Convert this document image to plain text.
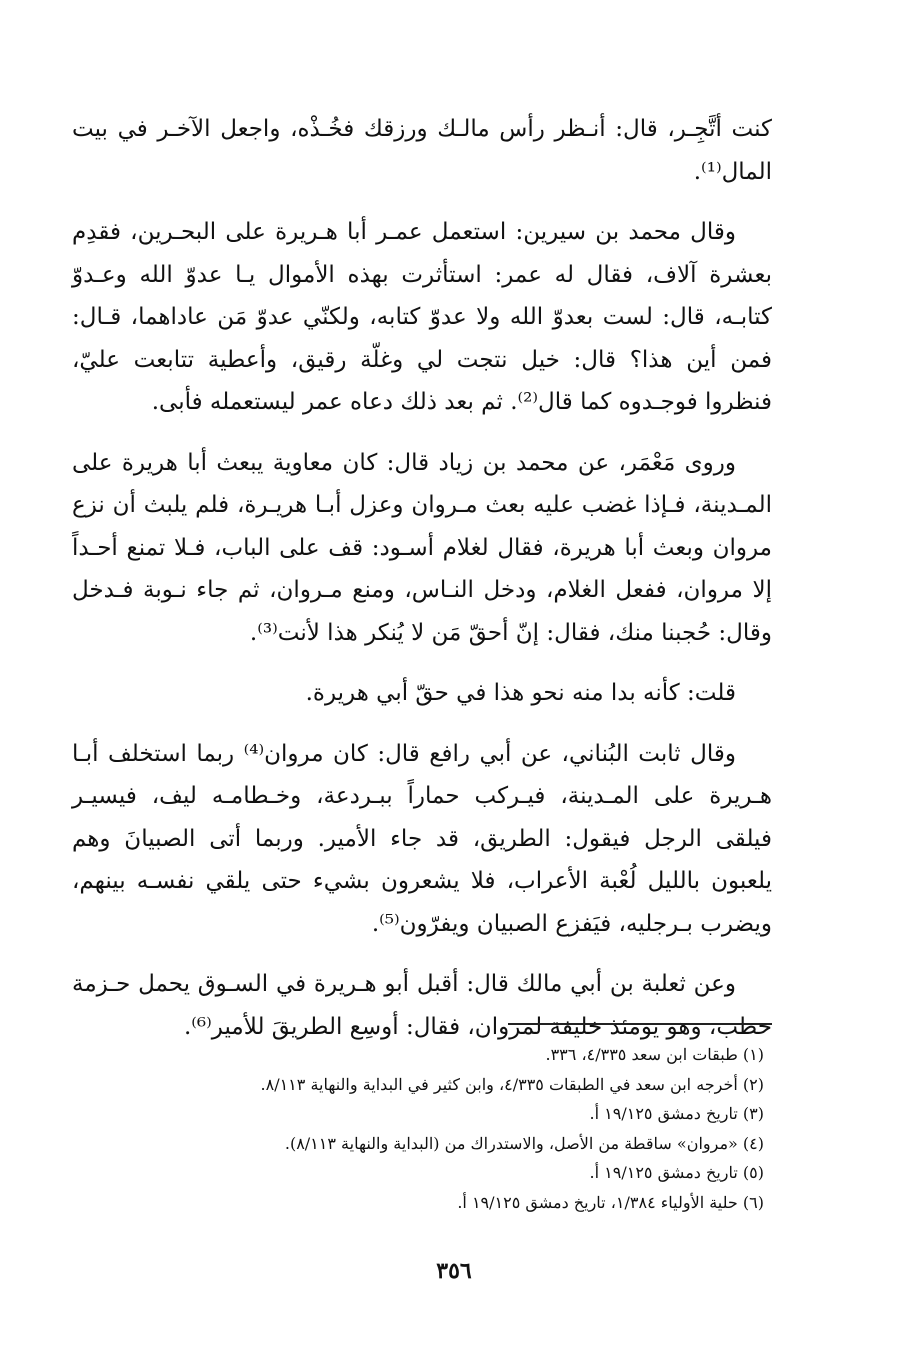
كنت أتَّجِـر، قال: أنـظر رأس مالـك ورزقك فخُـذْه، واجعل الآخـر في بيت المال⁽¹⁾.

وقال محمد بن سيرين: استعمل عمـر أبا هـريرة على البحـرين، فقدِم بعشرة آلاف، فقال له عمر: استأثرت بهذه الأموال يـا عدوّ الله وعـدوّ كتابـه، قال: لست بعدوّ الله ولا عدوّ كتابه، ولكنّي عدوّ مَن عاداهما، قـال: فمن أين هذا؟ قال: خيل نتجت لي وغلّة رقيق، وأعطية تتابعت عليّ، فنظروا فوجـدوه كما قال⁽²⁾. ثم بعد ذلك دعاه عمر ليستعمله فأبى.

وروى مَعْمَر، عن محمد بن زياد قال: كان معاوية يبعث أبا هريرة على المـدينة، فـإذا غضب عليه بعث مـروان وعزل أبـا هريـرة، فلم يلبث أن نزع مروان وبعث أبا هريرة، فقال لغلام أسـود: قف على الباب، فـلا تمنع أحـداً إلا مروان، ففعل الغلام، ودخل النـاس، ومنع مـروان، ثم جاء نـوبة فـدخل وقال: حُجبنا منك، فقال: إنّ أحقّ مَن لا يُنكر هذا لأنت⁽³⁾.

قلت: كأنه بدا منه نحو هذا في حقّ أبي هريرة.

وقال ثابت البُناني، عن أبي رافع قال: كان مروان⁽⁴⁾ ربما استخلف أبـا هـريرة على المـدينة، فيـركب حماراً ببـردعة، وخـطامـه ليف، فيسيـر فيلقى الرجل فيقول: الطريق، قد جاء الأمير. وربما أتى الصبيانَ وهم يلعبون بالليل لُعْبة الأعراب، فلا يشعرون بشيء حتى يلقي نفسـه بينهم، ويضرب بـرجليه، فيَفزع الصبيان ويفرّون⁽⁵⁾.

وعن ثعلبة بن أبي مالك قال: أقبل أبو هـريرة في السـوق يحمل حـزمة حطب، وهو يومئذ خليفة لمروان، فقال: أوسِع الطريقَ للأمير⁽⁶⁾.

(١) طبقات ابن سعد ٤/٣٣٥، ٣٣٦.

(٢) أخرجه ابن سعد في الطبقات ٤/٣٣٥، وابن كثير في البداية والنهاية ٨/١١٣.

(٣) تاريخ دمشق ١٩/١٢٥ أ.

(٤) «مروان» ساقطة من الأصل، والاستدراك من (البداية والنهاية ٨/١١٣).

(٥) تاريخ دمشق ١٩/١٢٥ أ.

(٦) حلية الأولياء ١/٣٨٤، تاريخ دمشق ١٩/١٢٥ أ.

٣٥٦
